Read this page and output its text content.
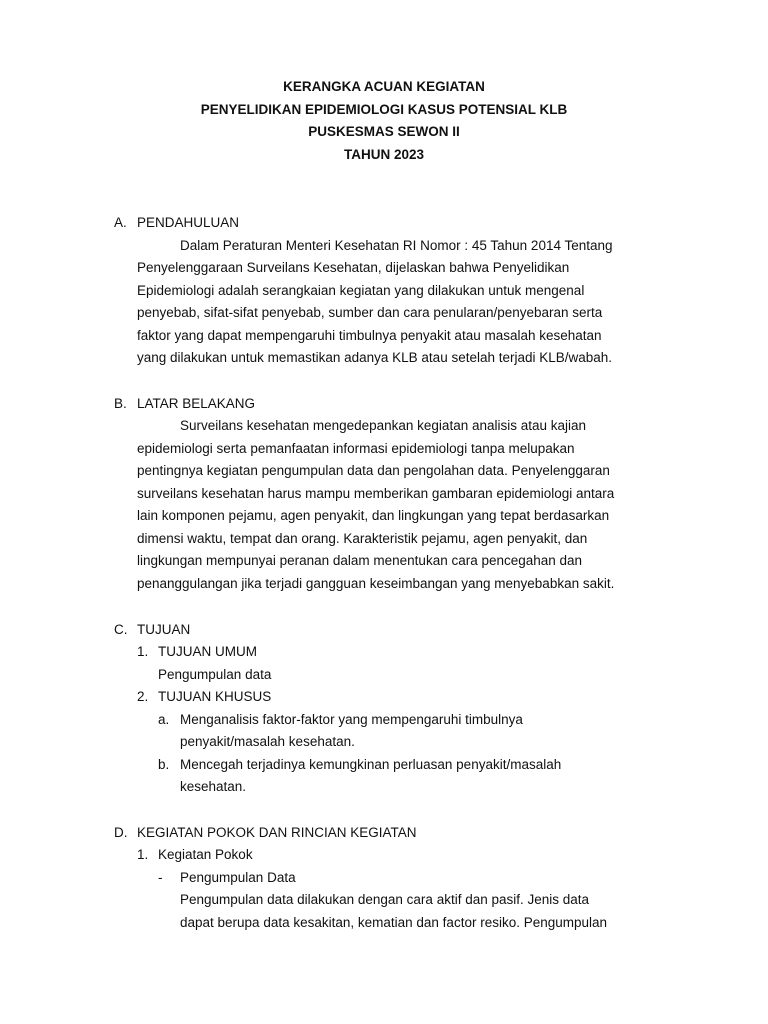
KERANGKA ACUAN KEGIATAN
PENYELIDIKAN EPIDEMIOLOGI KASUS POTENSIAL KLB
PUSKESMAS SEWON II
TAHUN 2023
A. PENDAHULUAN
Dalam Peraturan Menteri Kesehatan RI Nomor : 45 Tahun 2014 Tentang
Penyelenggaraan Surveilans Kesehatan, dijelaskan bahwa Penyelidikan
Epidemiologi adalah serangkaian kegiatan yang dilakukan untuk mengenal
penyebab, sifat-sifat penyebab, sumber dan cara penularan/penyebaran serta
faktor yang dapat mempengaruhi timbulnya penyakit atau masalah kesehatan
yang dilakukan untuk memastikan adanya KLB atau setelah terjadi KLB/wabah.
B. LATAR BELAKANG
Surveilans kesehatan mengedepankan kegiatan analisis atau kajian
epidemiologi serta pemanfaatan informasi epidemiologi tanpa melupakan
pentingnya kegiatan pengumpulan data dan pengolahan data. Penyelenggaran
surveilans kesehatan harus mampu memberikan gambaran epidemiologi antara
lain komponen pejamu, agen penyakit, dan lingkungan yang tepat berdasarkan
dimensi waktu, tempat dan orang. Karakteristik pejamu, agen penyakit, dan
lingkungan mempunyai peranan dalam menentukan cara pencegahan dan
penanggulangan jika terjadi gangguan keseimbangan yang menyebabkan sakit.
C. TUJUAN
1. TUJUAN UMUM
Pengumpulan data
2. TUJUAN KHUSUS
a. Menganalisis faktor-faktor yang mempengaruhi timbulnya
penyakit/masalah kesehatan.
b. Mencegah terjadinya kemungkinan perluasan penyakit/masalah
kesehatan.
D. KEGIATAN POKOK DAN RINCIAN KEGIATAN
1. Kegiatan Pokok
- Pengumpulan Data
Pengumpulan data dilakukan dengan cara aktif dan pasif. Jenis data
dapat berupa data kesakitan, kematian dan factor resiko. Pengumpulan
